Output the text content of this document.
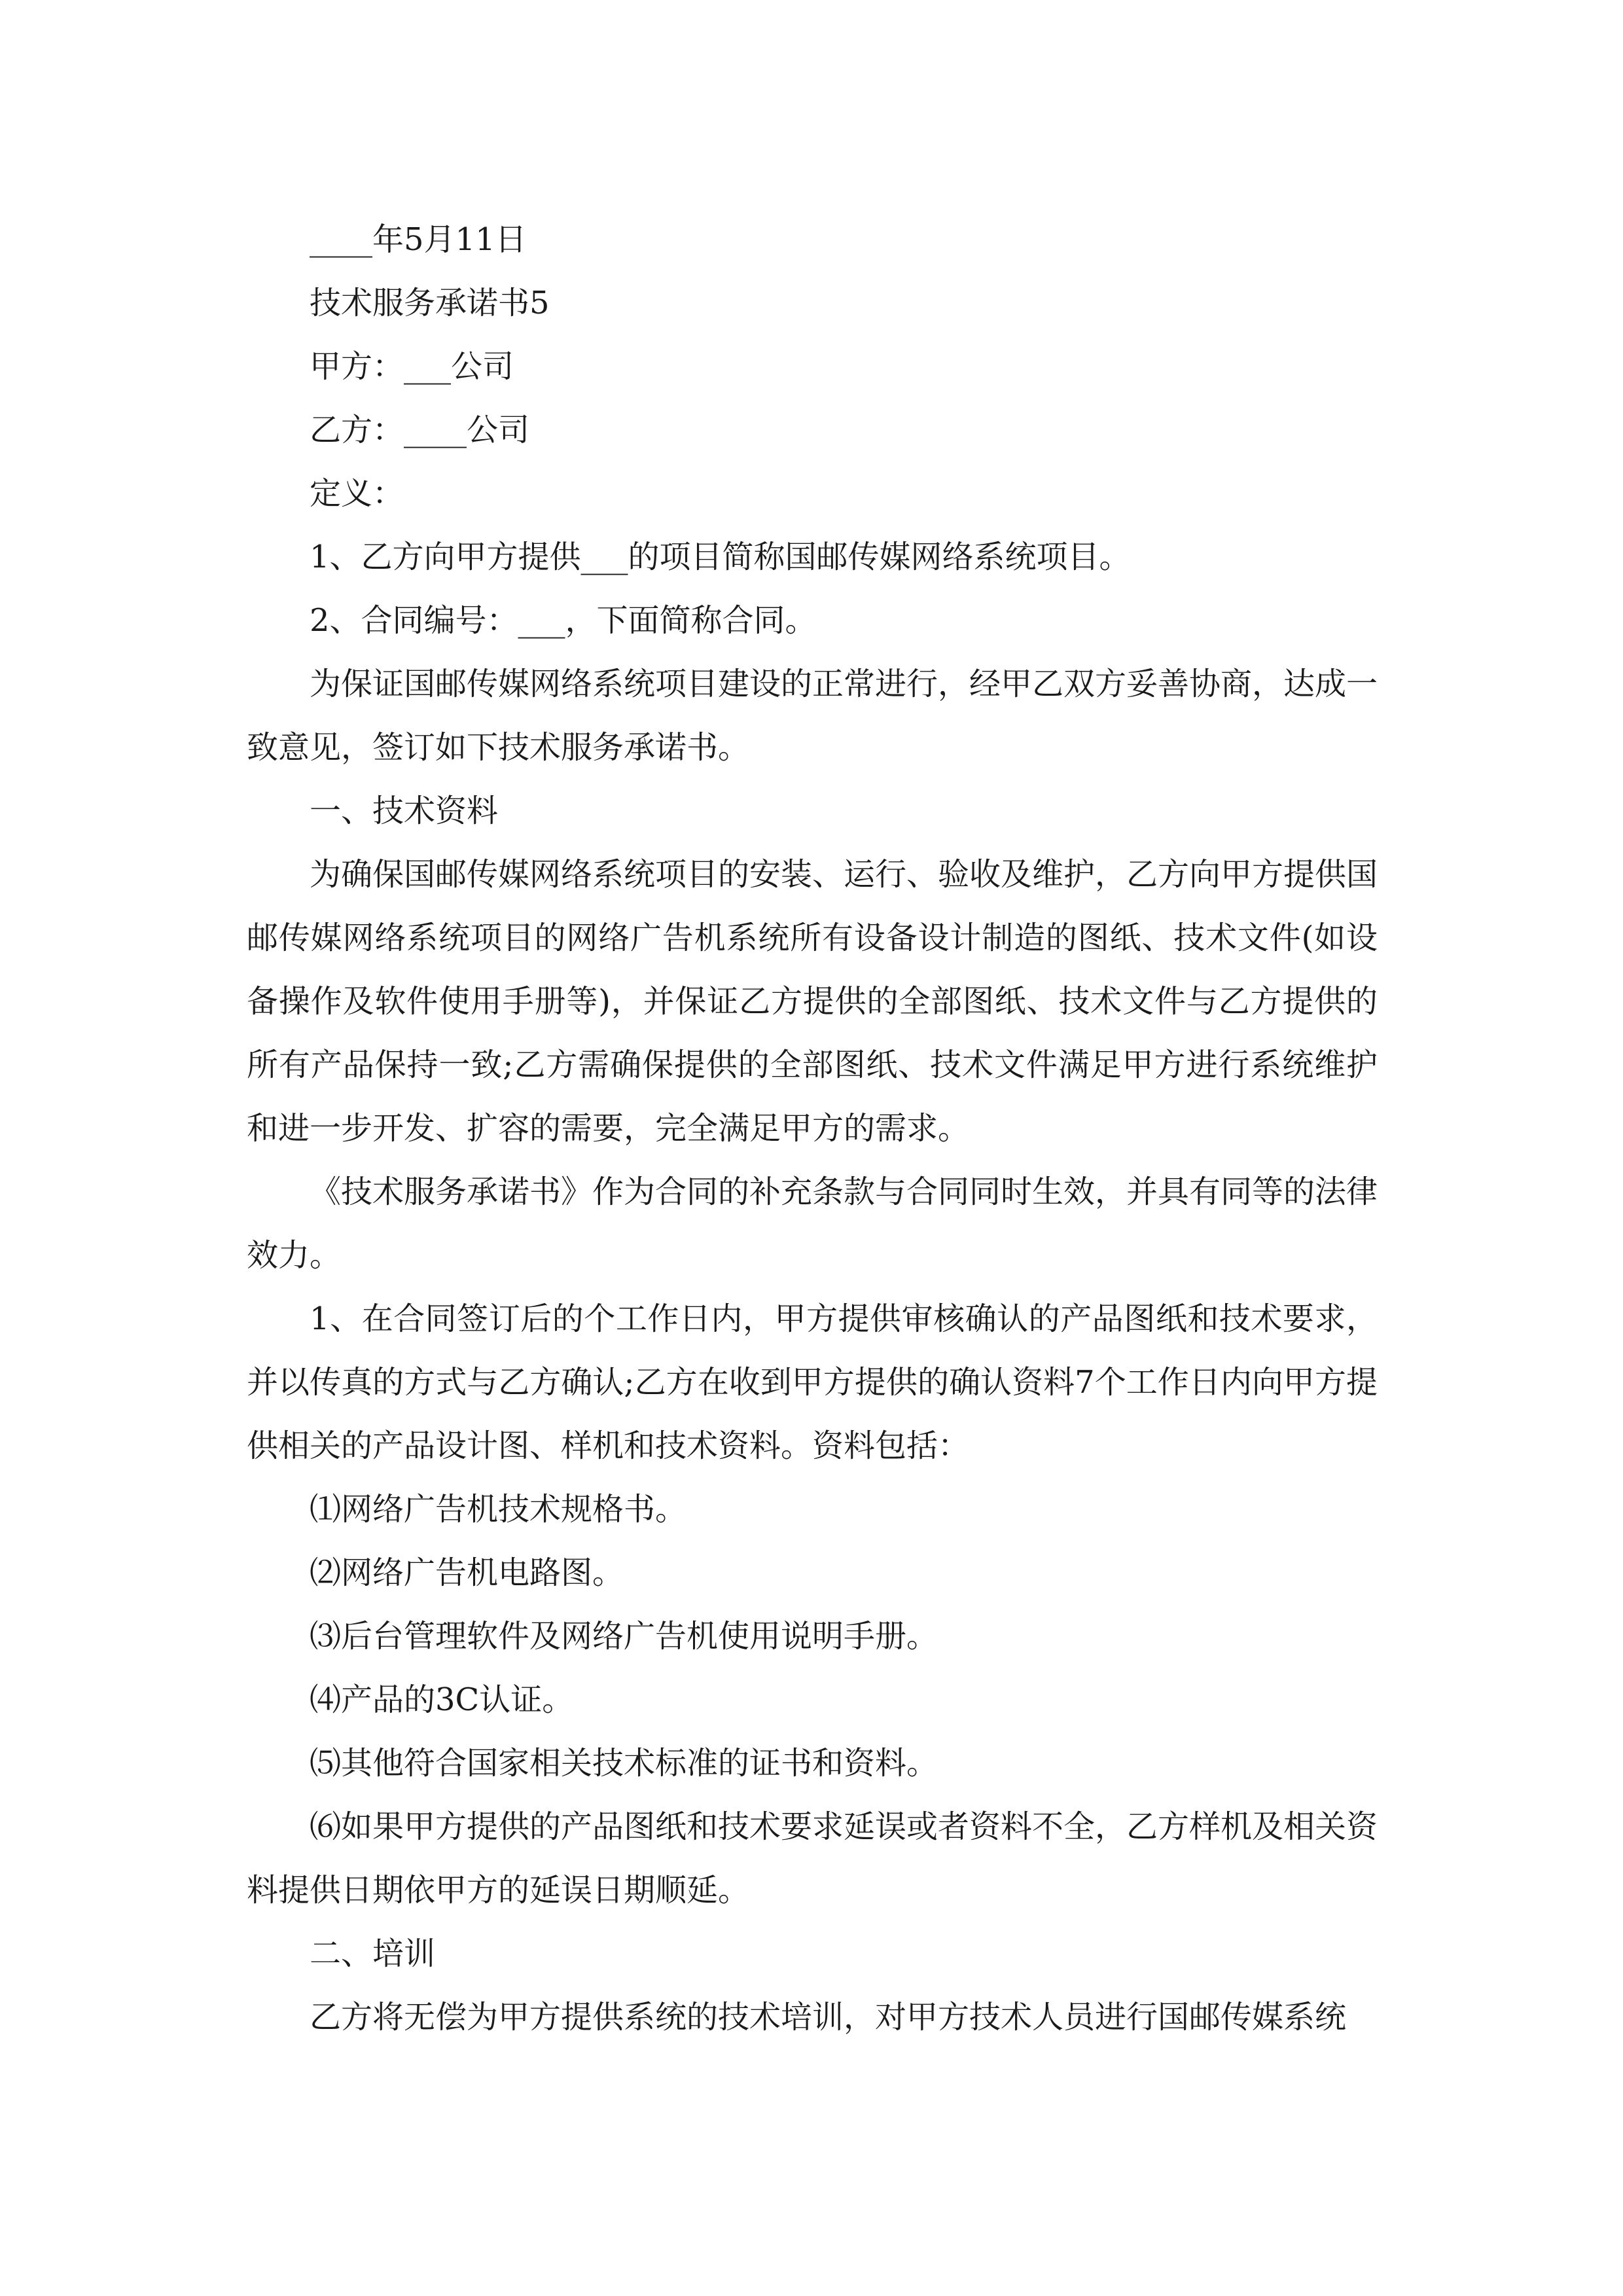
____年5月11日

技术服务承诺书5

甲方：___公司

乙方：____公司

定义：

1、乙方向甲方提供___的项目简称国邮传媒网络系统项目。

2、合同编号：___，下面简称合同。

为保证国邮传媒网络系统项目建设的正常进行，经甲乙双方妥善协商，达成一致意见，签订如下技术服务承诺书。

一、技术资料

为确保国邮传媒网络系统项目的安装、运行、验收及维护，乙方向甲方提供国邮传媒网络系统项目的网络广告机系统所有设备设计制造的图纸、技术文件(如设备操作及软件使用手册等)，并保证乙方提供的全部图纸、技术文件与乙方提供的所有产品保持一致;乙方需确保提供的全部图纸、技术文件满足甲方进行系统维护和进一步开发、扩容的需要，完全满足甲方的需求。

《技术服务承诺书》作为合同的补充条款与合同同时生效，并具有同等的法律效力。

1、在合同签订后的个工作日内，甲方提供审核确认的产品图纸和技术要求，并以传真的方式与乙方确认;乙方在收到甲方提供的确认资料7个工作日内向甲方提供相关的产品设计图、样机和技术资料。资料包括：

⑴网络广告机技术规格书。

⑵网络广告机电路图。

⑶后台管理软件及网络广告机使用说明手册。

⑷产品的3C认证。

⑸其他符合国家相关技术标准的证书和资料。

⑹如果甲方提供的产品图纸和技术要求延误或者资料不全，乙方样机及相关资料提供日期依甲方的延误日期顺延。

二、培训

乙方将无偿为甲方提供系统的技术培训，对甲方技术人员进行国邮传媒系统
